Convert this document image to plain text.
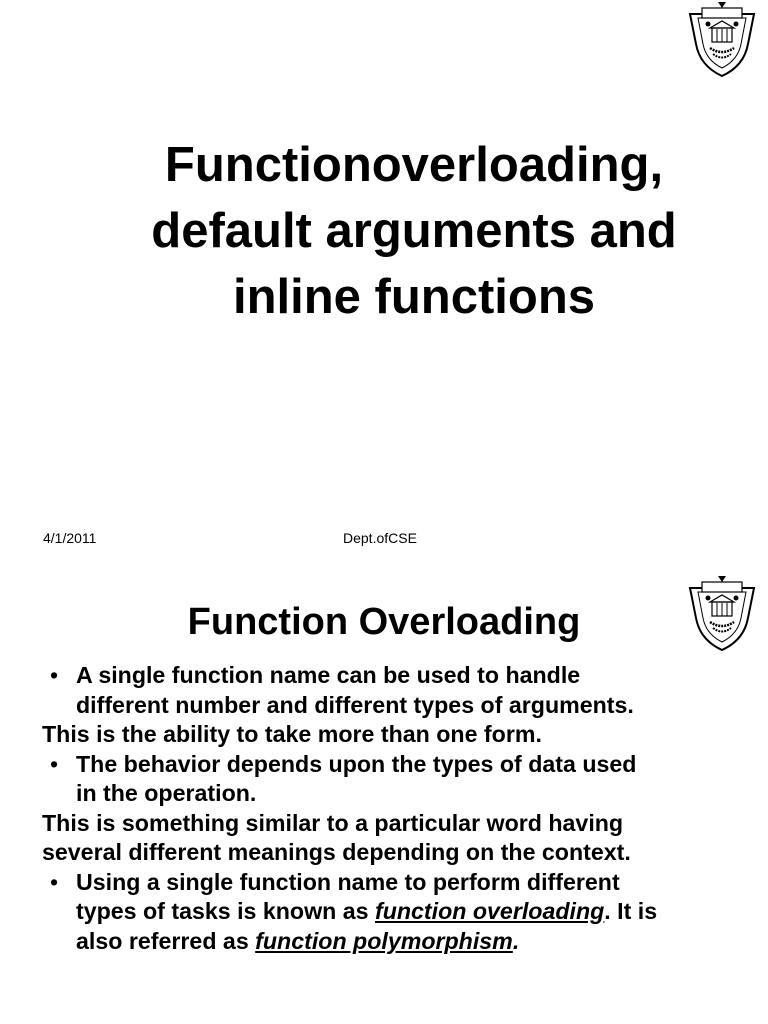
Functionoverloading,
default arguments and
inline functions
4/1/2011	Dept.ofCSE
Function Overloading
• A single function name can be used to handle
different number and different types of arguments.
This is the ability to take more than one form.
• The behavior depends upon the types of data used
in the operation.
This is something similar to a particular word having
several different meanings depending on the context.
• Using a single function name to perform different
types of tasks is known as function overloading. It is
also referred as function polymorphism.
